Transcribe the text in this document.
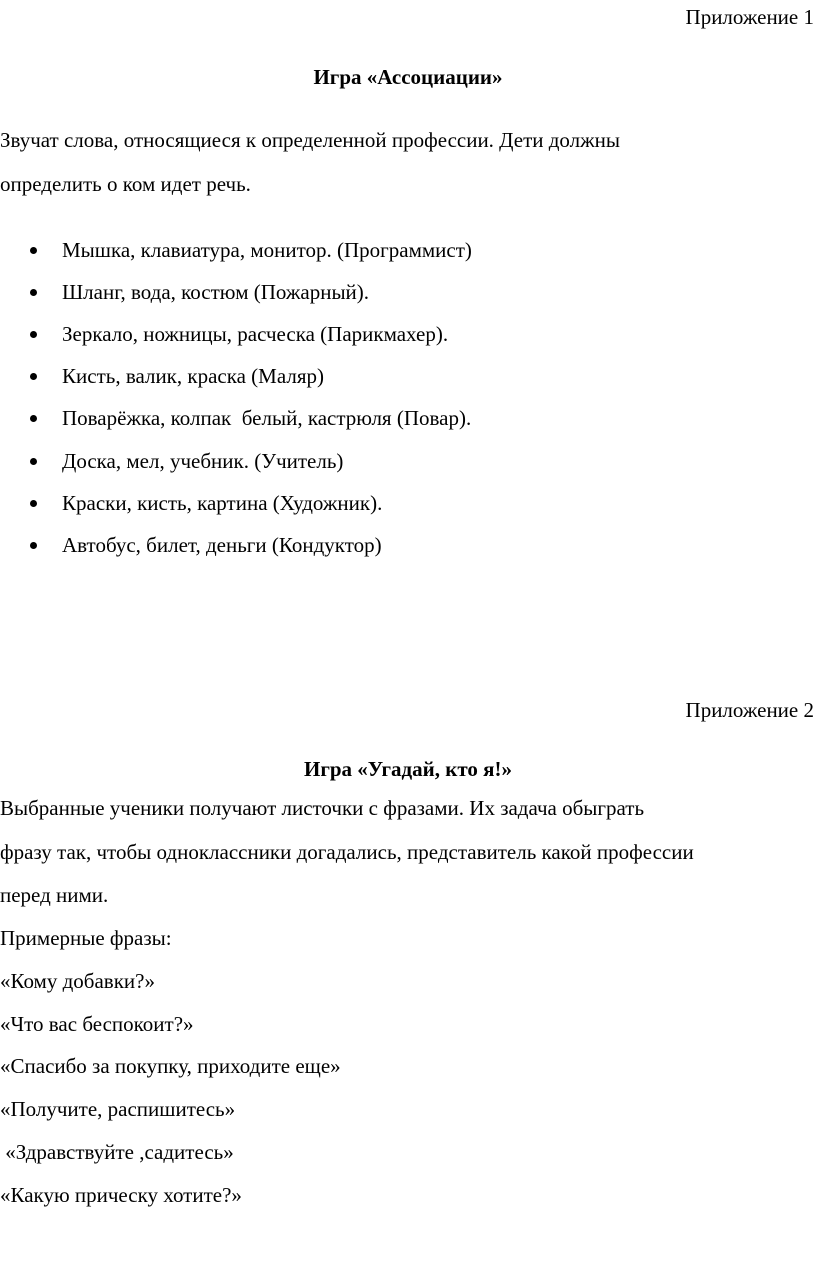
Приложение 1
Игра «Ассоциации»
Звучат слова, относящиеся к определенной профессии. Дети должны
определить о ком идет речь.
Мышка, клавиатура, монитор. (Программист)
Шланг, вода, костюм (Пожарный).
Зеркало, ножницы, расческа (Парикмахер).
Кисть, валик, краска (Маляр)
Поварёжка, колпак  белый, кастрюля (Повар).
Доска, мел, учебник. (Учитель)
Краски, кисть, картина (Художник).
Автобус, билет, деньги (Кондуктор)
Приложение 2
Игра «Угадай, кто я!»
Выбранные ученики получают листочки с фразами. Их задача обыграть
фразу так, чтобы одноклассники догадались, представитель какой профессии
перед ними.
Примерные фразы:
«Кому добавки?»
«Что вас беспокоит?»
«Спасибо за покупку, приходите еще»
«Получите, распишитесь»
«Здравствуйте ,садитесь»
«Какую прическу хотите?»
